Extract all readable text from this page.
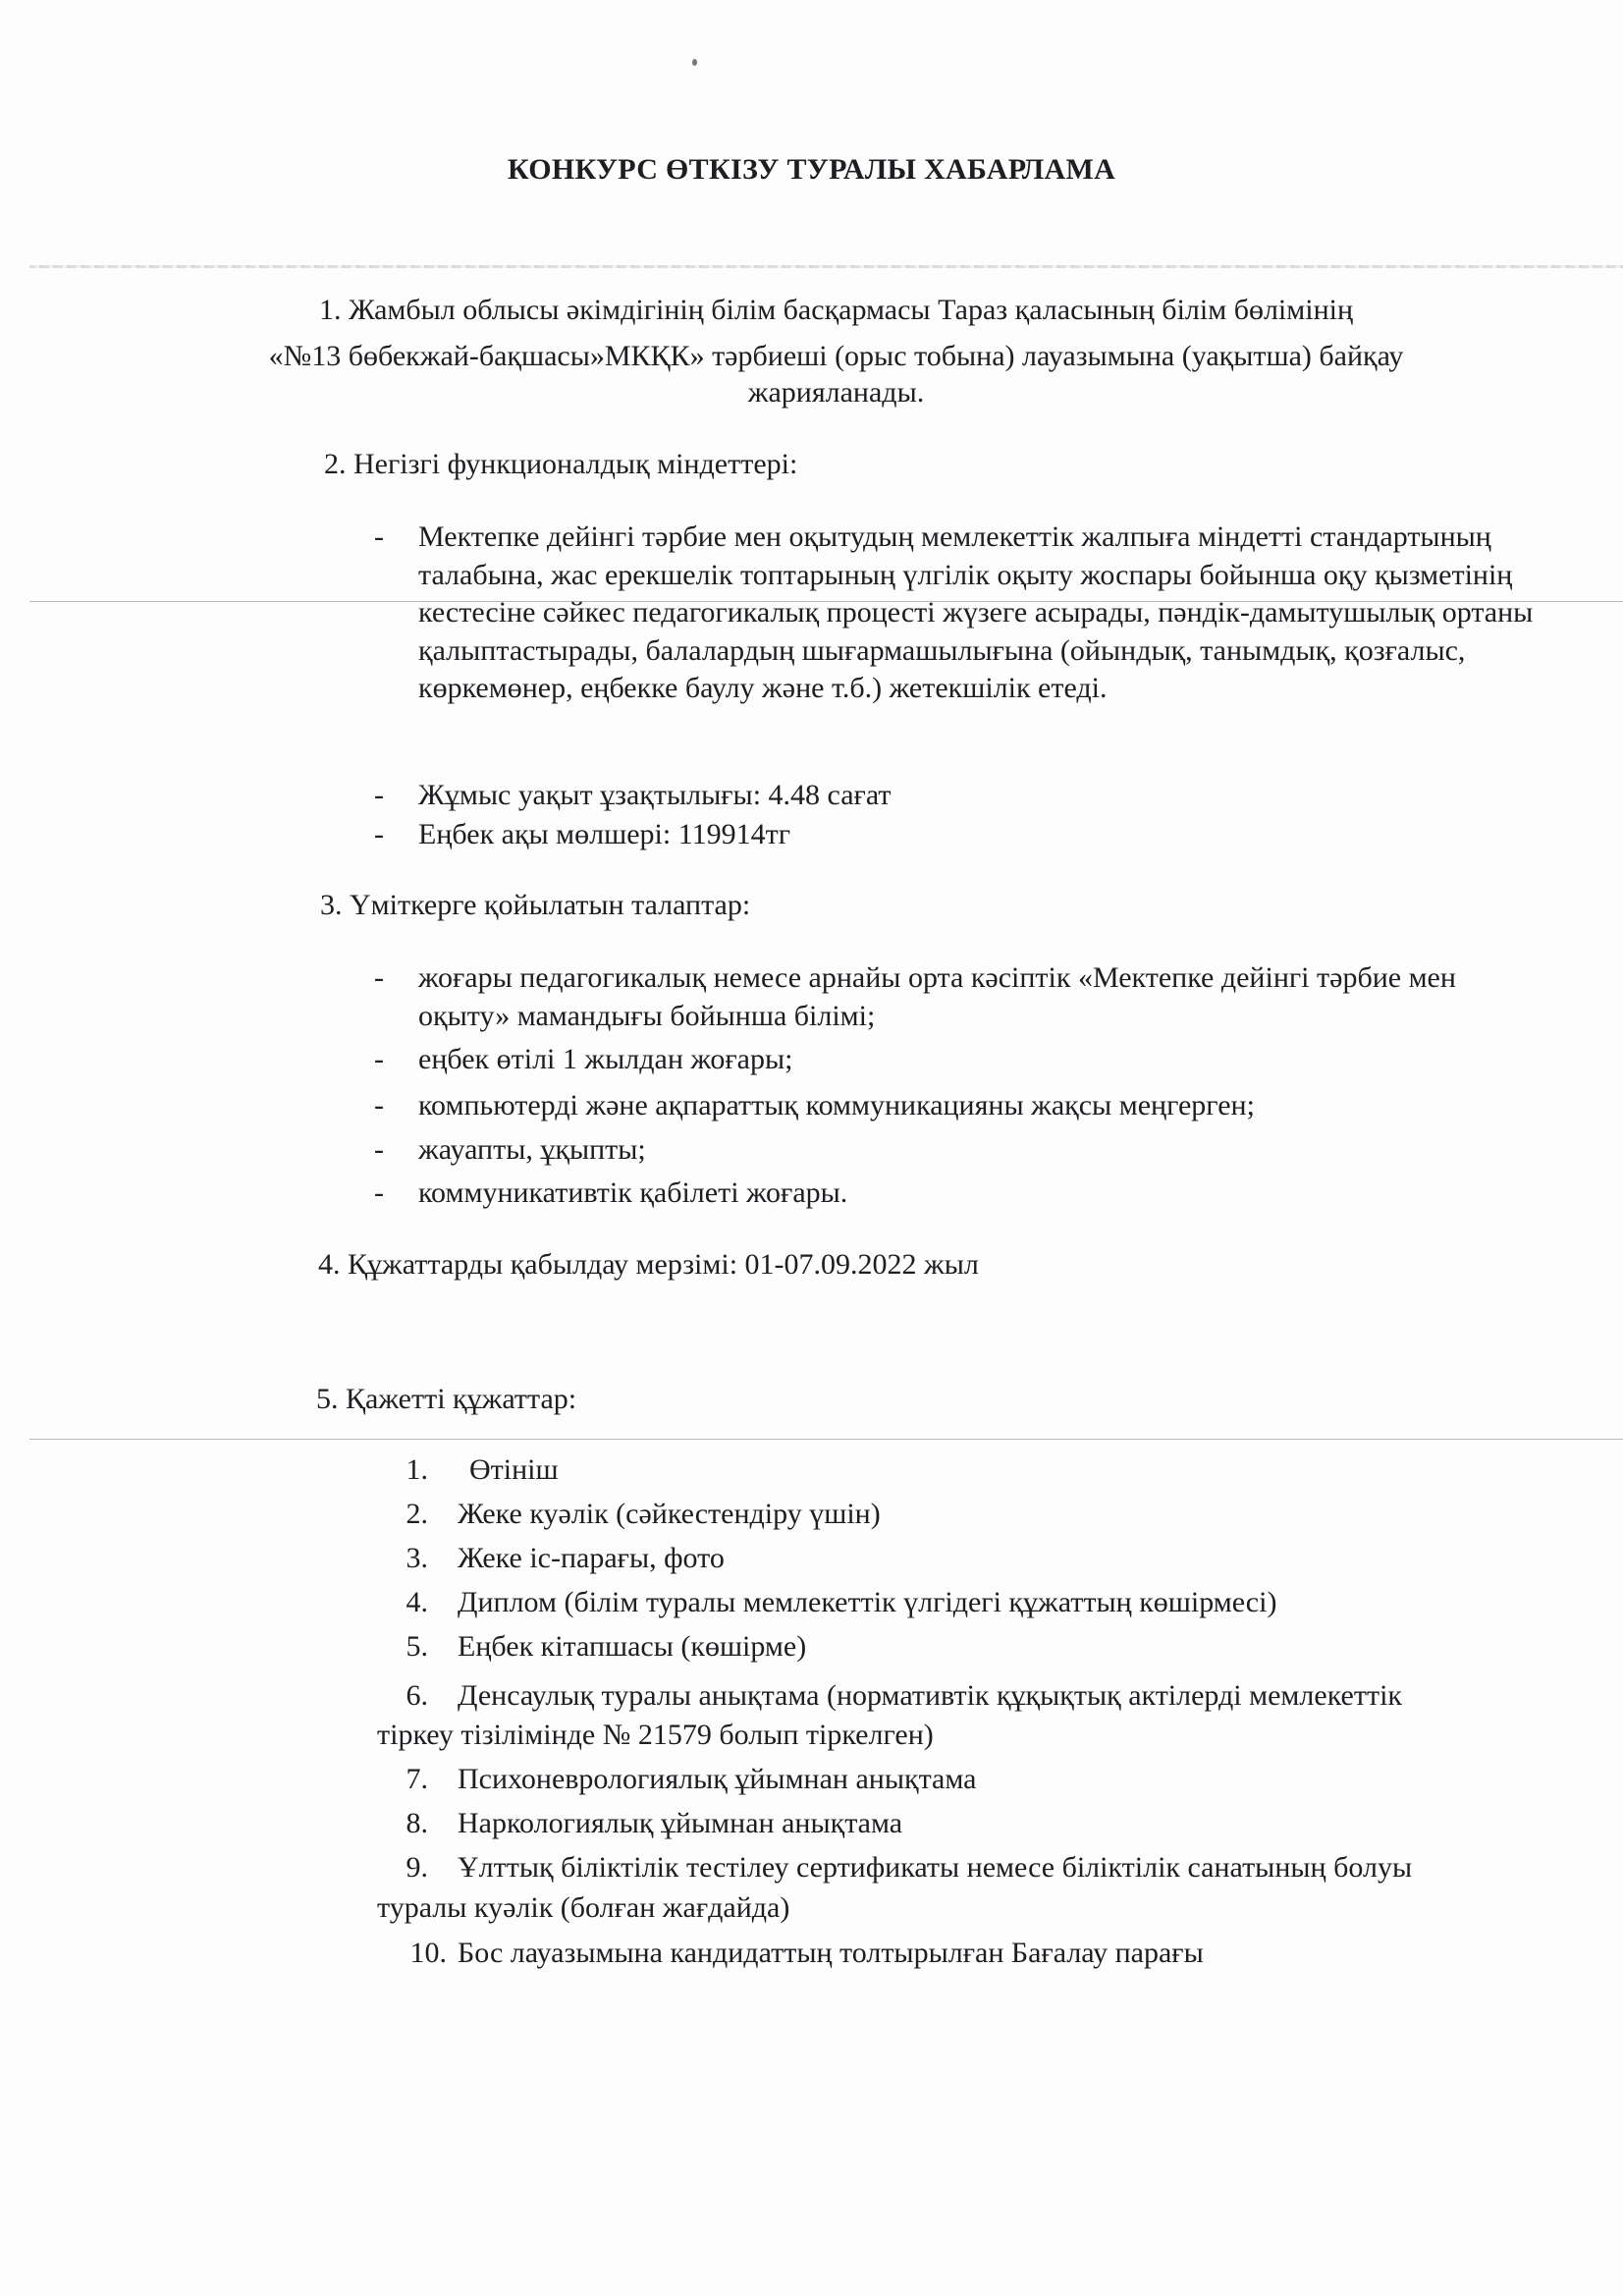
КОНКУРС ӨТКІЗУ ТУРАЛЫ ХАБАРЛАМА
1. Жамбыл облысы әкімдігінің білім басқармасы Тараз қаласының білім бөлімінің
«№13 бөбекжай-бақшасы»МКҚК» тәрбиеші (орыс тобына) лауазымына (уақытша) байқау
жарияланады.
2. Негізгі функционалдық міндеттері:
- Мектепке дейінгі тәрбие мен оқытудың мемлекеттік жалпыға міндетті стандартының талабына, жас ерекшелік топтарының үлгілік оқыту жоспары бойынша оқу қызметінің кестесіне сәйкес педагогикалық процесті жүзеге асырады, пәндік-дамытушылық ортаны қалыптастырады, балалардың шығармашылығына (ойындық, танымдық, қозғалыс, көркемөнер, еңбекке баулу және т.б.) жетекшілік етеді.
- Жұмыс уақыт ұзақтылығы: 4.48 сағат
- Еңбек ақы мөлшері: 119914тг
3. Үміткерге қойылатын талаптар:
- жоғары педагогикалық немесе арнайы орта кәсіптік «Мектепке дейінгі тәрбие мен оқыту» мамандығы бойынша білімі;
- еңбек өтілі 1 жылдан жоғары;
- компьютерді және ақпараттық коммуникацияны жақсы меңгерген;
- жауапты, ұқыпты;
- коммуникативтік қабілеті жоғары.
4. Құжаттарды қабылдау мерзімі: 01-07.09.2022 жыл
5. Қажетті құжаттар:
1. Өтініш
2. Жеке куәлік (сәйкестендіру үшін)
3. Жеке іс-парағы, фото
4. Диплом (білім туралы мемлекеттік үлгідегі құжаттың көшірмесі)
5. Еңбек кітапшасы (көшірме)
6. Денсаулық туралы анықтама (нормативтік құқықтық актілерді мемлекеттік
тіркеу тізілімінде № 21579 болып тіркелген)
7. Психоневрологиялық ұйымнан анықтама
8. Наркологиялық ұйымнан анықтама
9. Ұлттық біліктілік тестілеу сертификаты немесе біліктілік санатының болуы
туралы куәлік (болған жағдайда)
10. Бос лауазымына кандидаттың толтырылған Бағалау парағы
